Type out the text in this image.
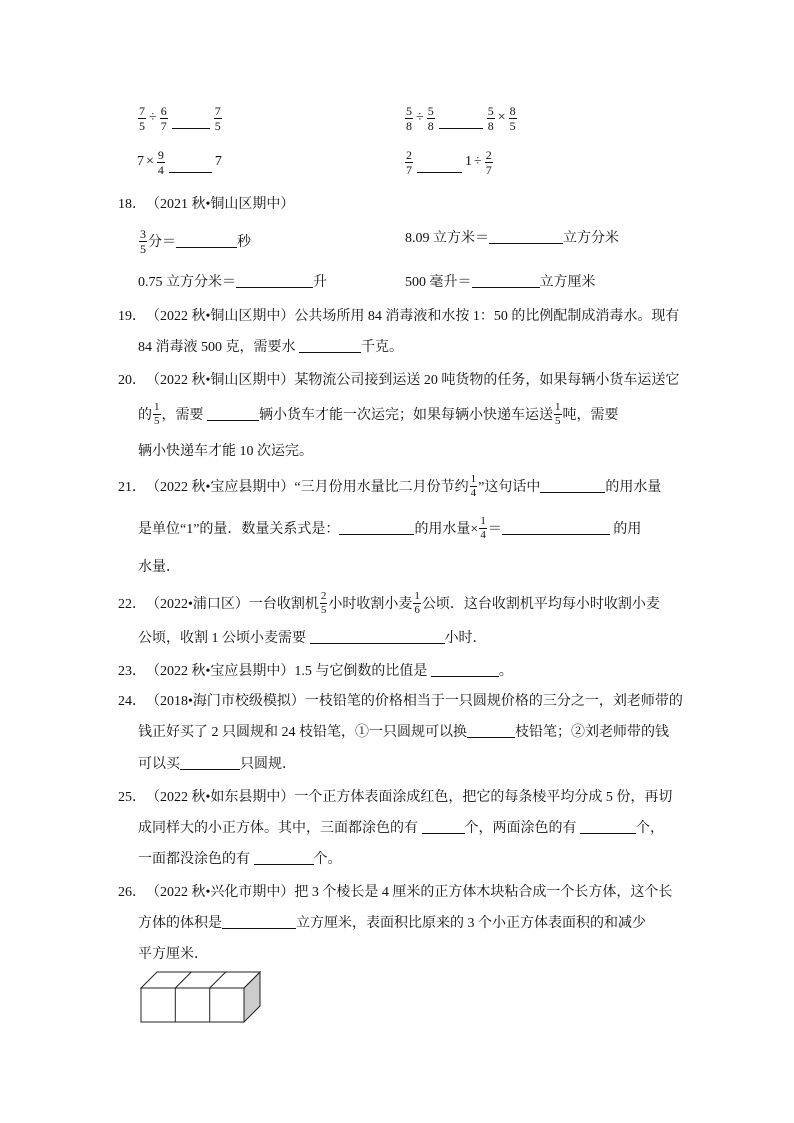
$\frac{7}{5} \div \frac{6}{7}$	$\frac{7}{5}$	$\frac{5}{8} \div \frac{5}{8}$	$\frac{5}{8} \times \frac{8}{5}$
$7 \times \frac{9}{4}$	7	$\frac{2}{7}$	$1 \div \frac{2}{7}$
18． （2021 秋•铜山区期中）
$\frac{3}{5}$ 分＝	秒	8.09 立方米＝	立方分米
0.75 立方分米＝	升	500 毫升＝	立方厘米
19． （2022 秋•铜山区期中） 公共场所用 84 消毒液和水按 1：50 的比例配制成消毒水。现有
84 消毒液 500 克，需要水	千克。
20． （2022 秋•铜山区期中） 某物流公司接到运送 20 吨货物的任务，如果每辆小货车运送它
的 $\frac{1}{5}$ ，需要	辆小货车才能一次运完；如果每辆小快递车运送 $\frac{1}{5}$ 吨，需要
辆小快递车才能 10 次运完。
21． （2022 秋•宝应县期中） “三月份用水量比二月份节约 $\frac{1}{4}$ ”这句话中	的用水量
是单位“1”的量．数量关系式是：	的用水量× $\frac{1}{4}$ ＝	的用
水量．
22． （2022•浦口区） 一台收割机 $\frac{2}{5}$ 小时收割小麦 $\frac{1}{6}$ 公顷．这台收割机平均每小时收割小麦
公顷，收割 1 公顷小麦需要	小时．
23． （2022 秋•宝应县期中） 1.5 与它倒数的比值是	。
24． （2018•海门市校级模拟） 一枝铅笔的价格相当于一只圆规价格的三分之一，刘老师带的
钱正好买了 2 只圆规和 24 枝铅笔，①一只圆规可以换	枝铅笔；②刘老师带的钱
可以买	只圆规．
25． （2022 秋•如东县期中） 一个正方体表面涂成红色，把它的每条棱平均分成 5 份，再切
成同样大的小正方体。其中，三面都涂色的有	个，两面涂色的有	个，
一面都没涂色的有	个。
26． （2022 秋•兴化市期中） 把 3 个棱长是 4 厘米的正方体木块粘合成一个长方体，这个长
方体的体积是	立方厘米，表面积比原来的 3 个小正方体表面积的和减少
平方厘米．
